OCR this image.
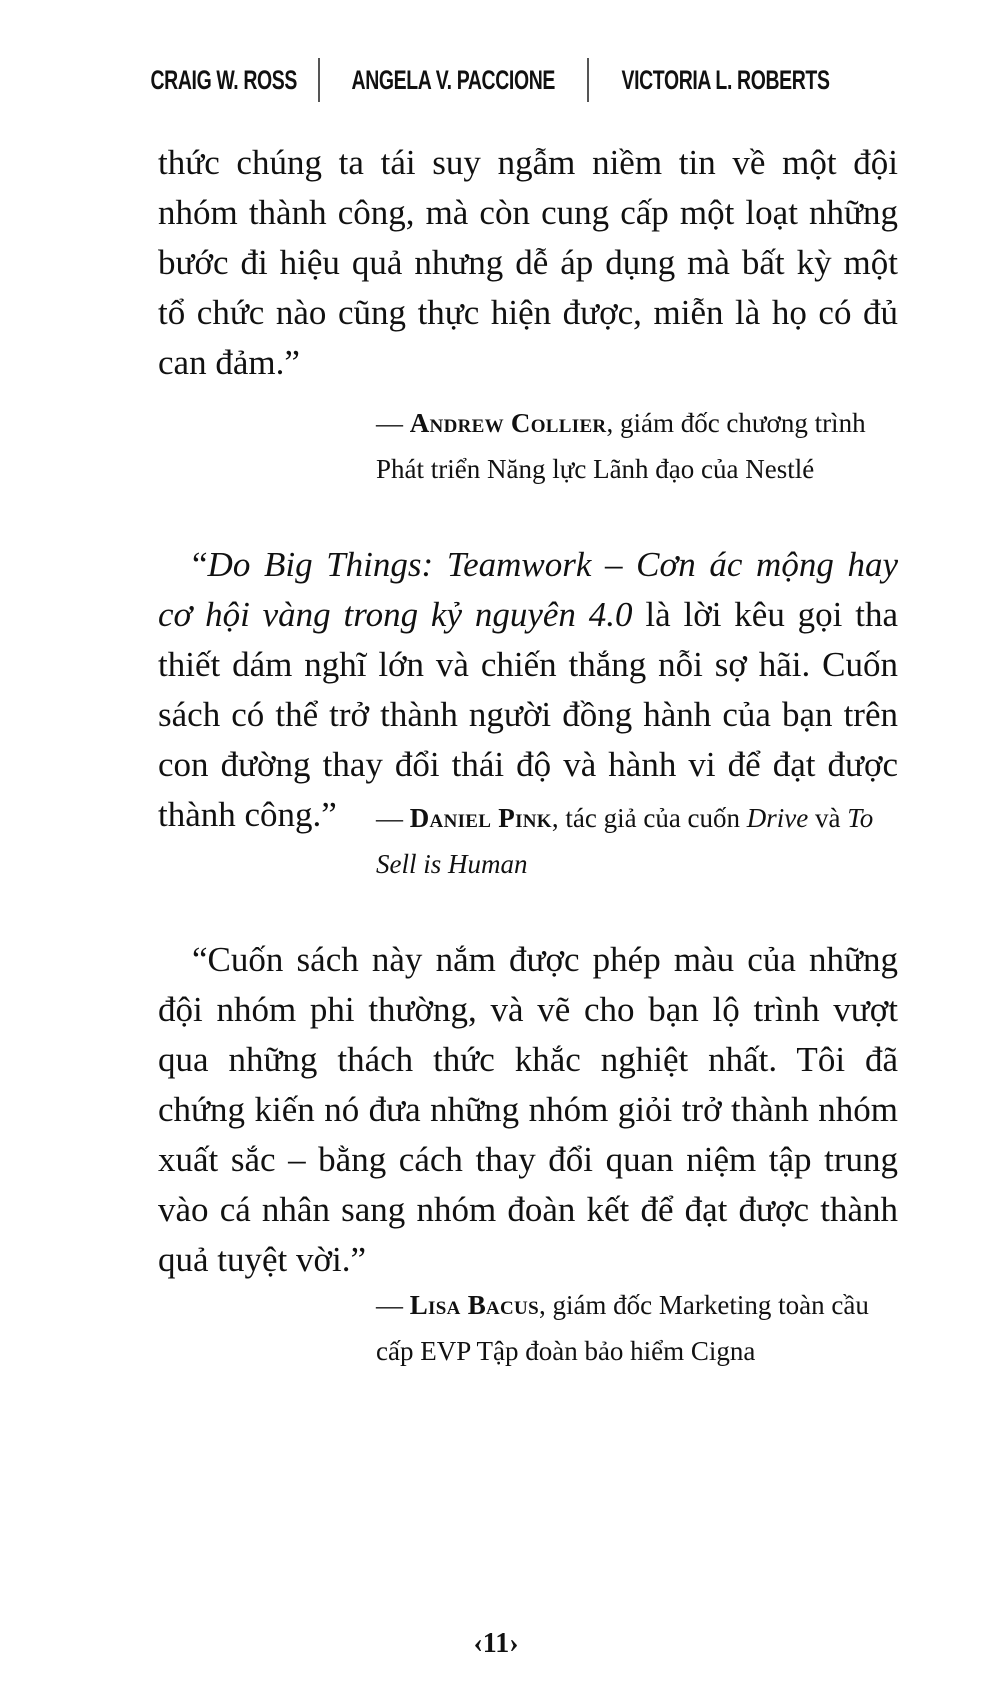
CRAIG W. ROSS ANGELA V. PACCIONE VICTORIA L. ROBERTS
thức chúng ta tái suy ngẫm niềm tin về một đội nhóm thành công, mà còn cung cấp một loạt những bước đi hiệu quả nhưng dễ áp dụng mà bất kỳ một tổ chức nào cũng thực hiện được, miễn là họ có đủ can đảm.”
— Andrew Collier, giám đốc chương trình Phát triển Năng lực Lãnh đạo của Nestlé
“Do Big Things: Teamwork – Cơn ác mộng hay cơ hội vàng trong kỷ nguyên 4.0 là lời kêu gọi tha thiết dám nghĩ lớn và chiến thắng nỗi sợ hãi. Cuốn sách có thể trở thành người đồng hành của bạn trên con đường thay đổi thái độ và hành vi để đạt được thành công.”	— Daniel Pink, tác giả của cuốn Drive và To Sell is Human
“Cuốn sách này nắm được phép màu của những đội nhóm phi thường, và vẽ cho bạn lộ trình vượt qua những thách thức khắc nghiệt nhất. Tôi đã chứng kiến nó đưa những nhóm giỏi trở thành nhóm xuất sắc – bằng cách thay đổi quan niệm tập trung vào cá nhân sang nhóm đoàn kết để đạt được thành quả tuyệt vời.”
— Lisa Bacus, giám đốc Marketing toàn cầu cấp EVP Tập đoàn bảo hiểm Cigna
‹11›
